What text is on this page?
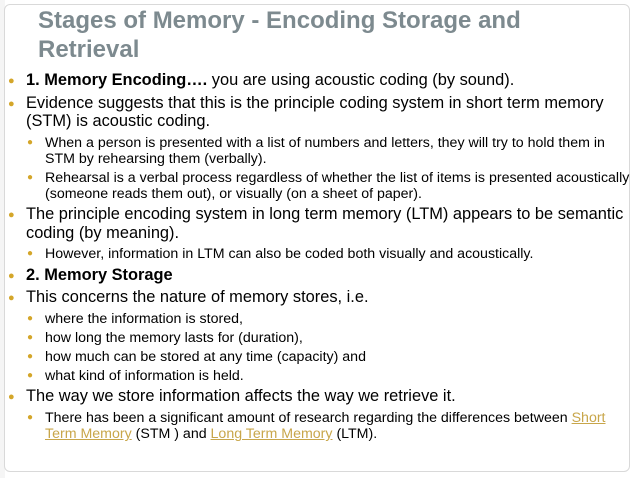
Stages of Memory - Encoding Storage and Retrieval
● 1. Memory Encoding…. you are using acoustic coding (by sound).
● Evidence suggests that this is the principle coding system in short term memory (STM) is acoustic coding.
● When a person is presented with a list of numbers and letters, they will try to hold them in STM by rehearsing them (verbally).
● Rehearsal is a verbal process regardless of whether the list of items is presented acoustically (someone reads them out), or visually (on a sheet of paper).
● The principle encoding system in long term memory (LTM) appears to be semantic coding (by meaning).
● However, information in LTM can also be coded both visually and acoustically.
● 2. Memory Storage
● This concerns the nature of memory stores, i.e.
● where the information is stored,
● how long the memory lasts for (duration),
● how much can be stored at any time (capacity) and
● what kind of information is held.
● The way we store information affects the way we retrieve it.
● There has been a significant amount of research regarding the differences between Short Term Memory (STM ) and Long Term Memory (LTM).
